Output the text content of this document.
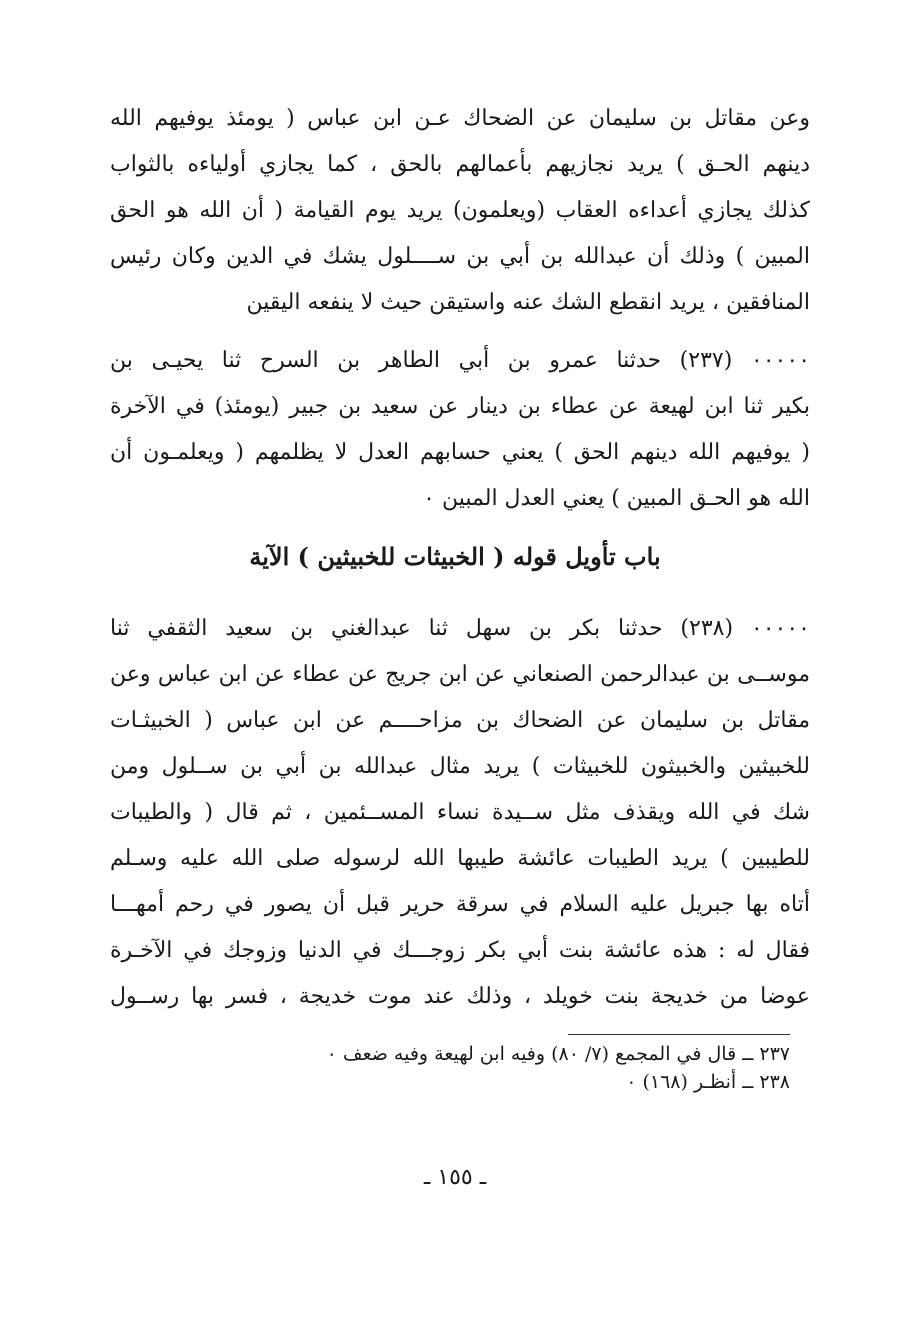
وعن مقاتل بن سليمان عن الضحاك عـن ابن عباس ( يومئذ يوفيهم الله
دينهم الحـق ) يريد نجازيهم بأعمالهم بالحق ، كما يجازي أولياءه بالثواب
كذلك يجازي أعداءه العقاب (ويعلمون) يريد يوم القيامة ( أن الله هو الحق
المبين ) وذلك أن عبدالله بن أبي بن ســــلول يشك في الدين وكان رئيس
المنافقين ، يريد انقطع الشك عنه واستيقن حيث لا ينفعه اليقين
٠٠٠٠٠ (٢٣٧) حدثنا عمرو بن أبي الطاهر بن السرح ثنا يحيـى بن
بكير ثنا ابن لهيعة عن عطاء بن دينار عن سعيد بن جبير (يومئذ) في الآخرة
( يوفيهم الله دينهم الحق ) يعني حسابهم العدل لا يظلمهم ( ويعلمـون أن
الله هو الحـق المبين ) يعني العدل المبين ٠
باب تأويل قوله ( الخبيثات للخبيثين ) الآية
٠٠٠٠٠ (٢٣٨) حدثنا بكر بن سهل ثنا عبدالغني بن سعيد الثقفي ثنا
موســى بن عبدالرحمن الصنعاني عن ابن جريج عن عطاء عن ابن عباس وعن
مقاتل بن سليمان عن الضحاك بن مزاحــــم عن ابن عباس ( الخبيثـات
للخبيثين والخبيثون للخبيثات ) يريد مثال عبدالله بن أبي بن ســلول ومن
شك في الله ويقذف مثل ســيدة نساء المســئمين ، ثم قال ( والطيبات
للطيبين ) يريد الطيبات عائشة طيبها الله لرسوله صلى الله عليه وسـلم
أتاه بها جبريل عليه السلام في سرقة حرير قبل أن يصور في رحم أمهـــا
فقال له : هذه عائشة بنت أبي بكر زوجـــك في الدنيا وزوجك في الآخـرة
عوضا من خديجة بنت خويلد ، وذلك عند موت خديجة ، فسر بها رســول
٢٣٧ ــ قال في المجمع (٧/ ٨٠) وفيه ابن لهيعة وفيه ضعف ٠
٢٣٨ ــ أنظـر (١٦٨) ٠
ـ ١٥٥ ـ
